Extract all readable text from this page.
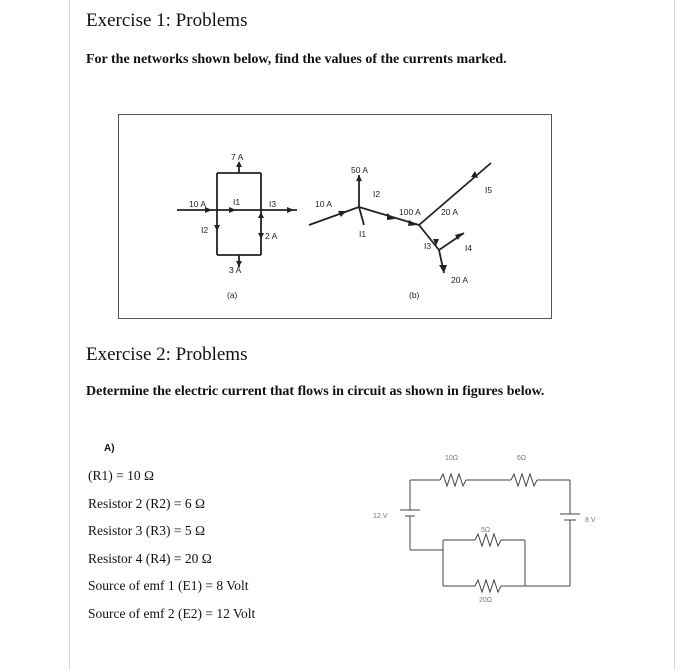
Exercise 1: Problems
For the networks shown below, find the values of the currents marked.
7 A
10 A	I1	I3
I2
2 A
3 A
(a)
50 A
10 A
I2
I1
100 A 20 A
I5
I3	I4
20 A
(b)
Exercise 2: Problems
Determine the electric current that flows in circuit as shown in figures below.
A)
(R1) = 10 Ω
Resistor 2 (R2) = 6 Ω
Resistor 3 (R3) = 5 Ω
Resistor 4 (R4) = 20 Ω
Source of emf 1 (E1) = 8 Volt
Source of emf 2 (E2) = 12 Volt
10Ω	6Ω
5Ω
20Ω
12 V
8 V
